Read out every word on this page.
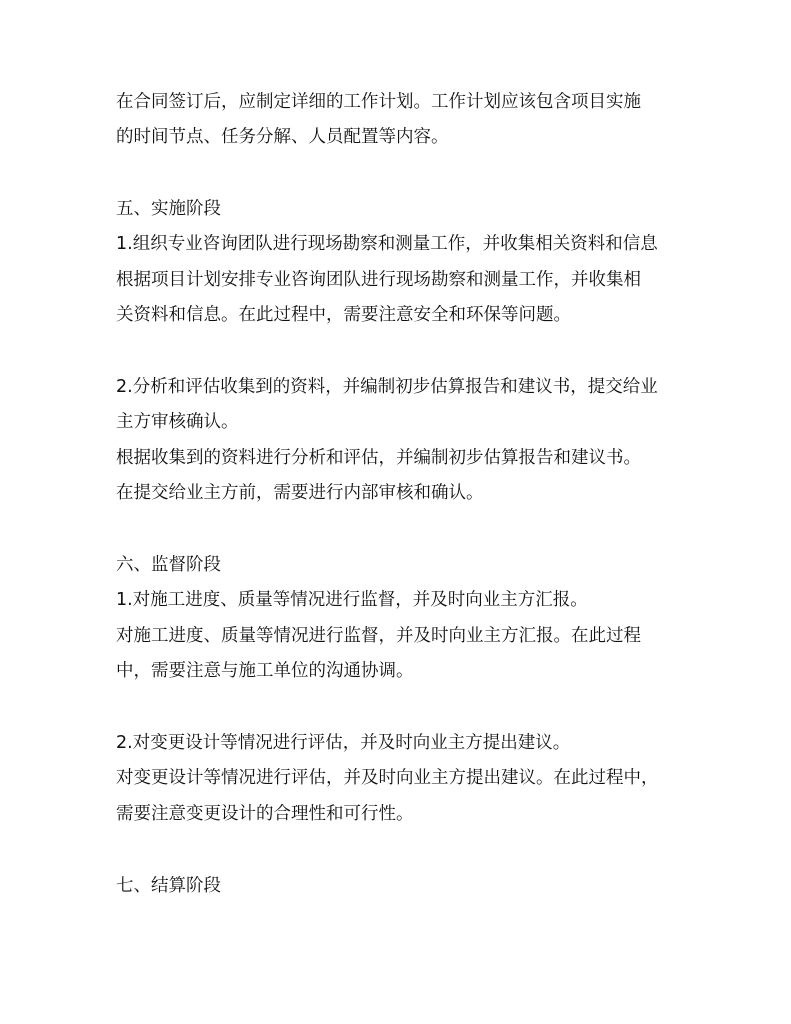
在合同签订后，应制定详细的工作计划。工作计划应该包含项目实施
的时间节点、任务分解、人员配置等内容。
五、实施阶段
1.组织专业咨询团队进行现场勘察和测量工作，并收集相关资料和信息
根据项目计划安排专业咨询团队进行现场勘察和测量工作，并收集相
关资料和信息。在此过程中，需要注意安全和环保等问题。
2.分析和评估收集到的资料，并编制初步估算报告和建议书，提交给业
主方审核确认。
根据收集到的资料进行分析和评估，并编制初步估算报告和建议书。
在提交给业主方前，需要进行内部审核和确认。
六、监督阶段
1.对施工进度、质量等情况进行监督，并及时向业主方汇报。
对施工进度、质量等情况进行监督，并及时向业主方汇报。在此过程
中，需要注意与施工单位的沟通协调。
2.对变更设计等情况进行评估，并及时向业主方提出建议。
对变更设计等情况进行评估，并及时向业主方提出建议。在此过程中，
需要注意变更设计的合理性和可行性。
七、结算阶段
